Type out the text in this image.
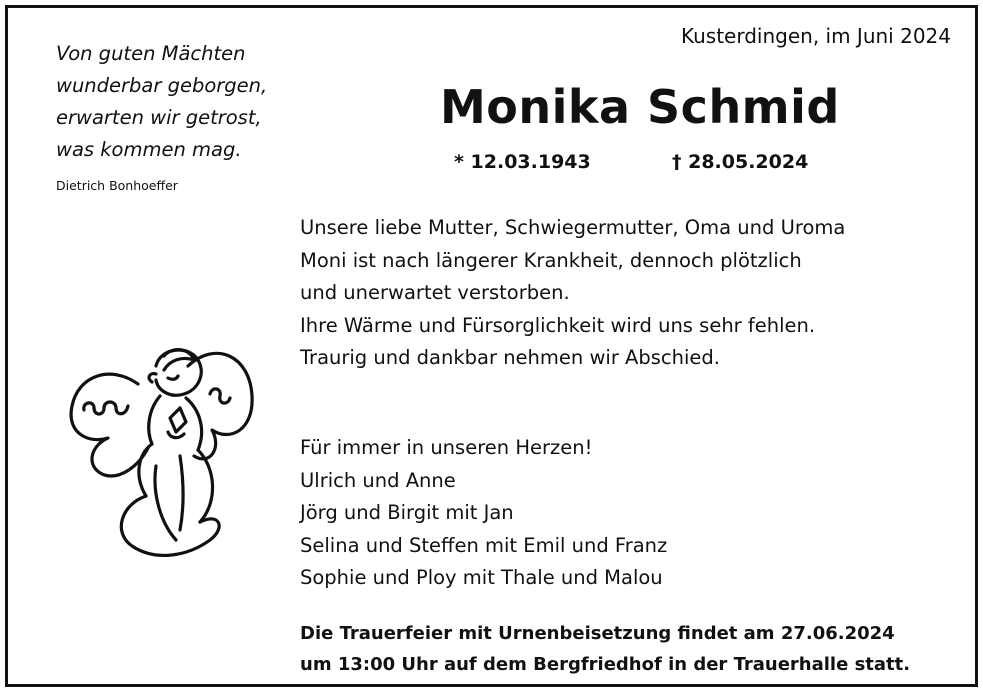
Kusterdingen, im Juni 2024
Von guten Mächten
wunderbar geborgen,
erwarten wir getrost,
was kommen mag.
Dietrich Bonhoeffer
Monika Schmid
* 12.03.1943	† 28.05.2024
Unsere liebe Mutter, Schwiegermutter, Oma und Uroma
Moni ist nach längerer Krankheit, dennoch plötzlich
und unerwartet verstorben.
Ihre Wärme und Fürsorglichkeit wird uns sehr fehlen.
Traurig und dankbar nehmen wir Abschied.
Für immer in unseren Herzen!
Ulrich und Anne
Jörg und Birgit mit Jan
Selina und Steffen mit Emil und Franz
Sophie und Ploy mit Thale und Malou
Die Trauerfeier mit Urnenbeisetzung findet am 27.06.2024
um 13:00 Uhr auf dem Bergfriedhof in der Trauerhalle statt.
